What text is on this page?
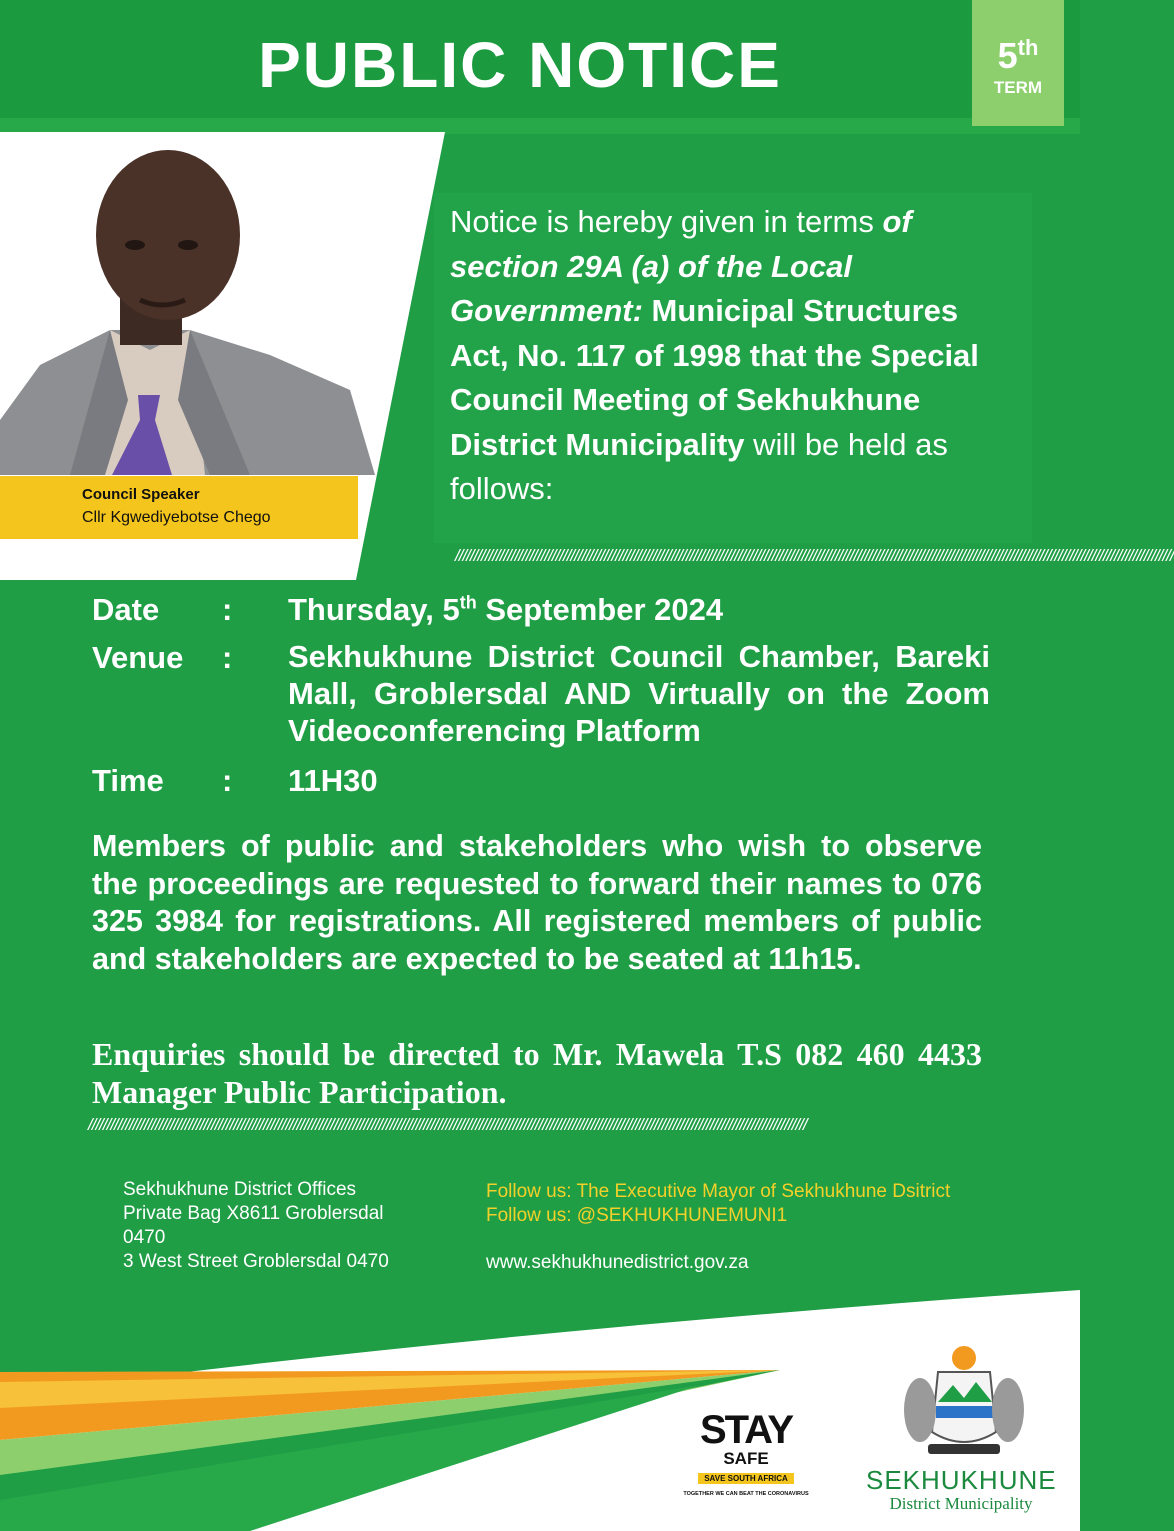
PUBLIC NOTICE	5th
TERM
Council Speaker
Cllr Kgwediyebotse Chego
Notice is hereby given in terms of section 29A (a) of the Local Government: Municipal Structures Act, No. 117 of 1998 that the Special Council Meeting of Sekhukhune District Municipality will be held as follows:
/////////////////////////////////////////////////////////////////////////////////////////////////////////////////////////////////////////////////////////////////////////////////////////////////
Date : Thursday, 5th September 2024
Venue : Sekhukhune District Council Chamber, Bareki Mall, Groblersdal AND Virtually on the Zoom Videoconferencing Platform
Time : 11H30
Members of public and stakeholders who wish to observe the proceedings are requested to forward their names to 076 325 3984 for registrations. All registered members of public and stakeholders are expected to be seated at 11h15.
Enquiries should be directed to Mr. Mawela T.S 082 460 4433 Manager Public Participation.
/////////////////////////////////////////////////////////////////////////////////////////////////////////////////////////////////////////////////////////////////////////////////////////////////
Sekhukhune District Offices
Private Bag X8611 Groblersdal
0470
3 West Street Groblersdal 0470
Follow us: The Executive Mayor of Sekhukhune Dsitrict
Follow us: @SEKHUKHUNEMUNI1
www.sekhukhunedistrict.gov.za
STAY
SAFE
SAVE SOUTH AFRICA
TOGETHER WE CAN BEAT THE CORONAVIRUS	SEKHUKHUNE
District Municipality
